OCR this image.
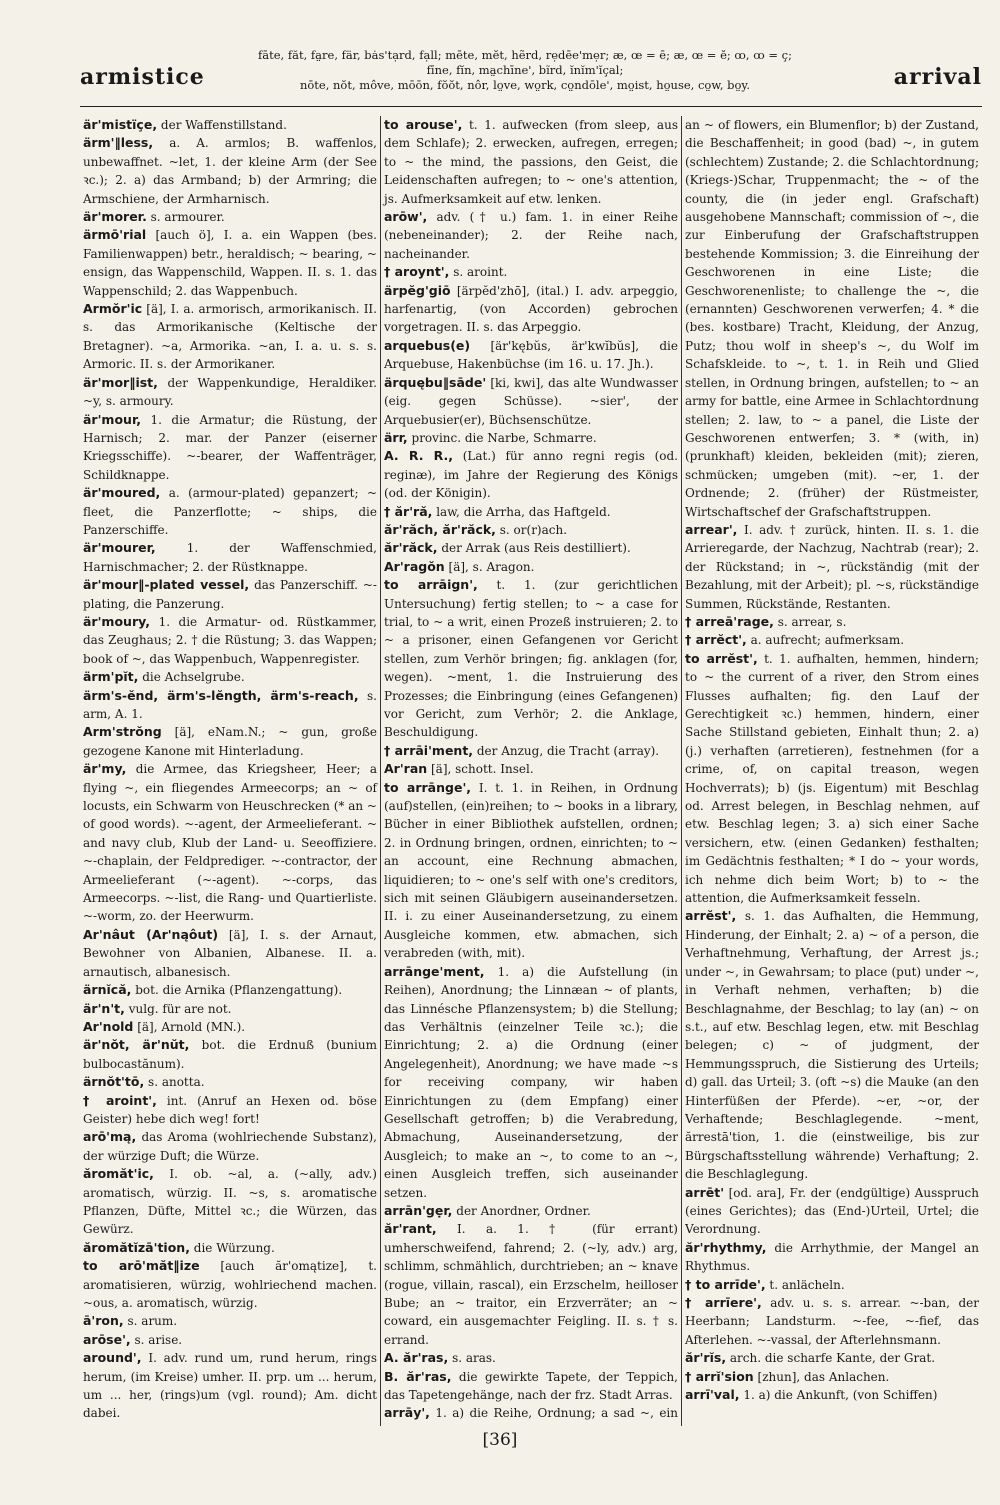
armistice
fāte, făt, fa̤re, fär, bȧs'tạrd, fạll; mēte, mĕt, hẽrd, rẹdēe'mẹr; æ, œ = ē; æ, œ = ĕ; ꝏ, ꝏ = ç;
fīne, fĭn, ma̤chīne', bĩrd, ĭnĭm'ĭçal;
nōte, nŏt, môve, mōōn, fŏŏt, nôr, lo̤ve, wo̤rk, co̤ndōle', mo̤ist, ho̤use, co̤w, bo̤y.	arrival

är'mistïçe, der Waffenstillstand.

ärm'‖less, a. A. armlos; B. waffenlos, unbewaffnet. ~let, 1. der kleine Arm (der See ꝛc.); 2. a) das Armband; b) der Armring; die Armschiene, der Armharnisch.

är'morer. s. armourer.

ärmō'rial [auch ö], I. a. ein Wappen (bes. Familienwappen) betr., heraldisch; ~ bearing, ~ ensign, das Wappenschild, Wappen. II. s. 1. das Wappenschild; 2. das Wappenbuch.

Armŏr'ic [ä], I. a. armorisch, armorikanisch. II. s. das Armorikanische (Keltische der Bretagner). ~a, Armorika. ~an, I. a. u. s. s. Armoric. II. s. der Armorikaner.

är'mor‖ist, der Wappenkundige, Heraldiker. ~y, s. armoury.

är'mour, 1. die Armatur; die Rüstung, der Harnisch; 2. mar. der Panzer (eiserner Kriegsschiffe). ~-bearer, der Waffenträger, Schildknappe.

är'moured, a. (armour-plated) gepanzert; ~ fleet, die Panzerflotte; ~ ships, die Panzerschiffe.

är'mourer,	1. der Waffenschmied, Harnischmacher; 2. der Rüstknappe.

är'mour‖-plated vessel, das Panzerschiff. ~-plating, die Panzerung.

är'moury, 1. die Armatur- od. Rüstkammer, das Zeughaus; 2. † die Rüstung; 3. das Wappen; book of ~, das Wappenbuch, Wappenregister.

ärm'pĭt, die Achselgrube.

ärm's-ĕnd, ärm's-lĕngth, ärm's-reach, s. arm, A. 1.

Arm'strŏng [ä], eNam.N.; ~ gun, große gezogene Kanone mit Hinterladung.

är'my, die Armee, das Kriegsheer, Heer; a flying ~, ein fliegendes Armeecorps; an ~ of locusts, ein Schwarm von Heuschrecken (* an ~ of good words). ~-agent, der Armeelieferant. ~ and navy club, Klub der Land- u. Seeoffiziere. ~-chaplain, der Feldprediger. ~-contractor, der Armeelieferant (~-agent). ~-corps, das Armeecorps. ~-list, die Rang- und Quartierliste. ~-worm, zo. der Heerwurm.

Ar'nâut (Ar'nąôut) [ä], I. s. der Arnaut, Bewohner von Albanien, Albanese. II. a. arnautisch, albanesisch.

ärnĭcă, bot. die Arnika (Pflanzengattung).

är'n't, vulg. für are not.

Ar'nold [ä], Arnold (MN.).

är'nŏt, är'nŭt, bot. die Erdnuß (bunium bulbocastănum).

ärnŏt'tō, s. anotta.

† aroint', int. (Anruf an Hexen od. böse Geister) hebe dich weg! fort!

arō'mą, das Aroma (wohlriechende Substanz), der würzige Duft; die Würze.

ăromăt'ic, I. ob. ~al, a. (~ally, adv.) aromatisch, würzig. II. ~s, s. aromatische Pflanzen, Düfte, Mittel ꝛc.; die Würzen, das Gewürz.

ăromătĭzā'tion, die Würzung.

to arō'măt‖ize [auch ăr'omątize], t. aromatisieren, würzig, wohlriechend machen. ~ous, a. aromatisch, würzig.

ā'ron, s. arum.

arōse', s. arise.

around', I. adv. rund um, rund herum, rings herum, (im Kreise) umher. II. prp. um ... herum, um ... her, (rings)um (vgl. round); Am. dicht dabei.

to arouse', t. 1. aufwecken (from sleep, aus dem Schlafe); 2. erwecken, aufregen, erregen; to ~ the mind, the passions, den Geist, die Leidenschaften aufregen; to ~ one's attention, js. Aufmerksamkeit auf etw. lenken.

arōw', adv. († u.) fam. 1. in einer Reihe (nebeneinander); 2. der Reihe nach, nacheinander.

† aroynt', s. aroint.

ärpĕg'giō [ärpĕd'zhō], (ital.) I. adv. arpeggio, harfenartig, (von Accorden) gebrochen vorgetragen. II. s. das Arpeggio.

arquebus(e) [är'kębŭs, är'kwĭbŭs], die Arquebuse, Hakenbüchse (im 16. u. 17. Jh.).

ärquębu‖sāde' [ki, kwi], das alte Wundwasser (eig. gegen Schüsse). ~sier', der Arquebusier(er), Büchsenschütze.

ärr, provinc. die Narbe, Schmarre.

A. R. R., (Lat.) für anno regni regis (od. reginæ), im Jahre der Regierung des Königs (od. der Königin).

† ăr'ră, law, die Arrha, das Haftgeld.

ăr'răch, ăr'răck, s. or(r)ach.

ăr'răck, der Arrak (aus Reis destilliert).

Ar'ragŏn [ä], s. Aragon.

to arrāign', t. 1. (zur gerichtlichen Untersuchung) fertig stellen; to ~ a case for trial, to ~ a writ, einen Prozeß instruieren; 2. to ~ a prisoner, einen Gefangenen vor Gericht stellen, zum Verhör bringen; fig. anklagen (for, wegen). ~ment, 1. die Instruierung des Prozesses; die Einbringung (eines Gefangenen) vor Gericht, zum Verhör; 2. die Anklage, Beschuldigung.

† arrāi'ment, der Anzug, die Tracht (array).

Ar'ran [ä], schott. Insel.

to arrānge', I. t. 1. in Reihen, in Ordnung (auf)stellen, (ein)reihen; to ~ books in a library, Bücher in einer Bibliothek aufstellen, ordnen; 2. in Ordnung bringen, ordnen, einrichten; to ~ an account, eine Rechnung abmachen, liquidieren; to ~ one's self with one's creditors, sich mit seinen Gläubigern auseinandersetzen. II. i. zu einer Auseinandersetzung, zu einem Ausgleiche kommen, etw. abmachen, sich verabreden (with, mit).

arrānge'ment, 1. a) die Aufstellung (in Reihen), Anordnung; the Linnæan ~ of plants, das Linnésche Pflanzensystem; b) die Stellung; das Verhältnis (einzelner Teile ꝛc.); die Einrichtung; 2. a) die Ordnung (einer Angelegenheit), Anordnung; we have made ~s for receiving company, wir haben Einrichtungen zu (dem Empfang) einer Gesellschaft getroffen; b) die Verabredung, Abmachung, Auseinandersetzung, der Ausgleich; to make an ~, to come to an ~, einen Ausgleich treffen, sich auseinander setzen.

arrān'gẹr, der Anordner, Ordner.

ăr'rant, I. a. 1. † (für errant) umherschweifend, fahrend; 2. (~ly, adv.) arg, schlimm, schmählich, durchtrieben; an ~ knave (rogue, villain, rascal), ein Erzschelm, heilloser Bube; an ~ traitor, ein Erzverräter; an ~ coward, ein ausgemachter Feigling. II. s. † s. errand.

A. ăr'ras, s. aras.

B. ăr'ras, die gewirkte Tapete, der Teppich, das Tapetengehänge, nach der frz. Stadt Arras.

arrāy', 1. a) die Reihe, Ordnung; a sad ~, ein

an ~ of flowers, ein Blumenflor; b) der Zustand, die Beschaffenheit; in good (bad) ~, in gutem (schlechtem) Zustande; 2. die Schlachtordnung; (Kriegs-)Schar, Truppenmacht; the ~ of the county, die (in jeder engl. Grafschaft) ausgehobene Mannschaft; commission of ~, die zur Einberufung der Grafschaftstruppen bestehende Kommission; 3. die Einreihung der Geschworenen in eine Liste; die Geschworenenliste; to challenge the ~, die (ernannten) Geschworenen verwerfen; 4. * die (bes. kostbare) Tracht, Kleidung, der Anzug, Putz; thou wolf in sheep's ~, du Wolf im Schafskleide. to ~, t. 1. in Reih und Glied stellen, in Ordnung bringen, aufstellen; to ~ an army for battle, eine Armee in Schlachtordnung stellen; 2. law, to ~ a panel, die Liste der Geschworenen entwerfen; 3. * (with, in) (prunkhaft) kleiden, bekleiden (mit); zieren, schmücken; umgeben (mit). ~er, 1. der Ordnende; 2. (früher) der Rüstmeister, Wirtschaftschef der Grafschaftstruppen.

arrear', I. adv. † zurück, hinten. II. s. 1. die Arrieregarde, der Nachzug, Nachtrab (rear); 2. der Rückstand; in ~, rückständig (mit der Bezahlung, mit der Arbeit); pl. ~s, rückständige Summen, Rückstände, Restanten.

† arreā'rage, s. arrear, s.

† arrĕct', a. aufrecht; aufmerksam.

to arrĕst', t. 1. aufhalten, hemmen, hindern; to ~ the current of a river, den Strom eines Flusses aufhalten; fig. den Lauf der Gerechtigkeit ꝛc.) hemmen, hindern, einer Sache Stillstand gebieten, Einhalt thun; 2. a) (j.) verhaften (arretieren), festnehmen (for a crime, of, on capital treason, wegen Hochverrats); b) (js. Eigentum) mit Beschlag od. Arrest belegen, in Beschlag nehmen, auf etw. Beschlag legen; 3. a) sich einer Sache versichern, etw. (einen Gedanken) festhalten; im Gedächtnis festhalten; * I do ~ your words, ich nehme dich beim Wort; b) to ~ the attention, die Aufmerksamkeit fesseln.

arrĕst', s. 1. das Aufhalten, die Hemmung, Hinderung, der Einhalt; 2. a) ~ of a person, die Verhaftnehmung, Verhaftung, der Arrest js.; under ~, in Gewahrsam; to place (put) under ~, in Verhaft nehmen, verhaften; b) die Beschlagnahme, der Beschlag; to lay (an) ~ on s.t., auf etw. Beschlag legen, etw. mit Beschlag belegen; c) ~ of judgment, der Hemmungsspruch, die Sistierung des Urteils; d) gall. das Urteil; 3. (oft ~s) die Mauke (an den Hinterfüßen der Pferde). ~er, ~or, der Verhaftende; Beschlaglegende. ~ment, ărrestā'tion, 1. die (einstweilige, bis zur Bürgschaftsstellung währende) Verhaftung; 2. die Beschlaglegung.

arrēt' [od. ara], Fr. der (endgültige) Ausspruch (eines Gerichtes); das (End-)Urteil, Urtel; die Verordnung.

ăr'rhythmy, die Arrhythmie, der Mangel an Rhythmus.

† to arrīde', t. anlächeln.

† arrīere', adv. u. s. s. arrear. ~-ban, der Heerbann; Landsturm. ~-fee, ~-fief, das Afterlehen. ~-vassal, der Afterlehnsmann.

ăr'rĭs, arch. die scharfe Kante, der Grat.

† arrĭ'sion [zhun], das Anlachen.

arrī'val, 1. a) die Ankunft, (von Schiffen)

[36]
